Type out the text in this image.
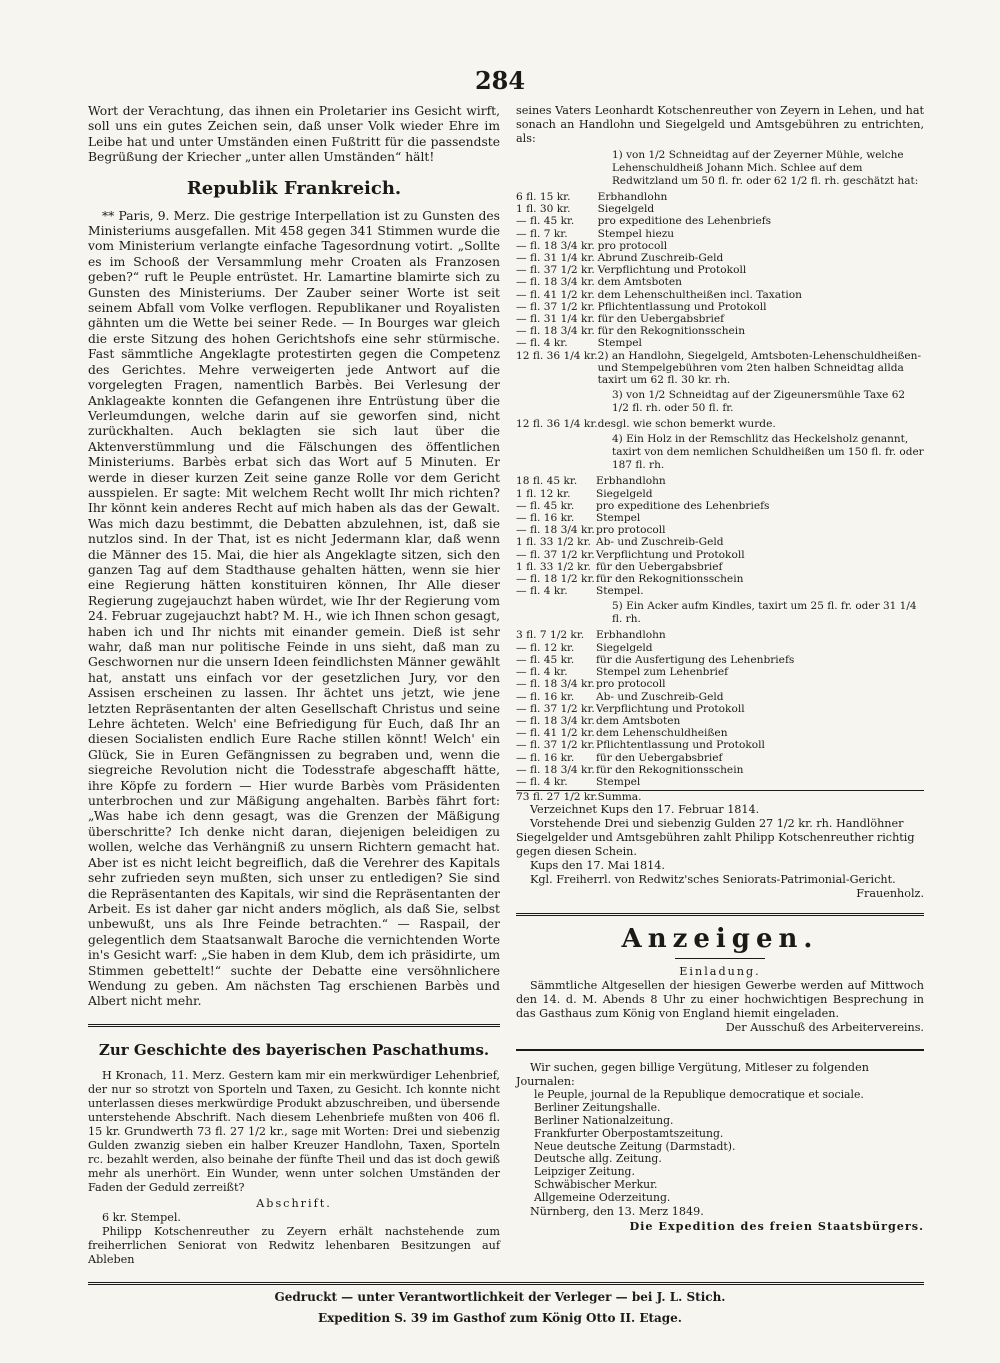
284

Wort der Verachtung, das ihnen ein Proletarier ins Gesicht wirft, soll uns ein gutes Zeichen sein, daß unser Volk wieder Ehre im Leibe hat und unter Umständen einen Fußtritt für die passendste Begrüßung der Kriecher „unter allen Umständen“ hält!

Republik Frankreich.

** Paris, 9. Merz. Die gestrige Interpellation ist zu Gunsten des Ministeriums ausgefallen. Mit 458 gegen 341 Stimmen wurde die vom Ministerium verlangte einfache Tagesordnung votirt. „Sollte es im Schooß der Versammlung mehr Croaten als Franzosen geben?“ ruft le Peuple entrüstet. Hr. Lamartine blamirte sich zu Gunsten des Ministeriums. Der Zauber seiner Worte ist seit seinem Abfall vom Volke verflogen. Republikaner und Royalisten gähnten um die Wette bei seiner Rede. — In Bourges war gleich die erste Sitzung des hohen Gerichtshofs eine sehr stürmische. Fast sämmtliche Angeklagte protestirten gegen die Competenz des Gerichtes. Mehre verweigerten jede Antwort auf die vorgelegten Fragen, namentlich Barbès. Bei Verlesung der Anklageakte konnten die Gefangenen ihre Entrüstung über die Verleumdungen, welche darin auf sie geworfen sind, nicht zurückhalten. Auch beklagten sie sich laut über die Aktenverstümmlung und die Fälschungen des öffentlichen Ministeriums. Barbès erbat sich das Wort auf 5 Minuten. Er werde in dieser kurzen Zeit seine ganze Rolle vor dem Gericht ausspielen. Er sagte: Mit welchem Recht wollt Ihr mich richten? Ihr könnt kein anderes Recht auf mich haben als das der Gewalt. Was mich dazu bestimmt, die Debatten abzulehnen, ist, daß sie nutzlos sind. In der That, ist es nicht Jedermann klar, daß wenn die Männer des 15. Mai, die hier als Angeklagte sitzen, sich den ganzen Tag auf dem Stadthause gehalten hätten, wenn sie hier eine Regierung hätten konstituiren können, Ihr Alle dieser Regierung zugejauchzt haben würdet, wie Ihr der Regierung vom 24. Februar zugejauchzt habt? M. H., wie ich Ihnen schon gesagt, haben ich und Ihr nichts mit einander gemein. Dieß ist sehr wahr, daß man nur politische Feinde in uns sieht, daß man zu Geschwornen nur die unsern Ideen feindlichsten Männer gewählt hat, anstatt uns einfach vor der gesetzlichen Jury, vor den Assisen erscheinen zu lassen. Ihr ächtet uns jetzt, wie jene letzten Repräsentanten der alten Gesellschaft Christus und seine Lehre ächteten. Welch' eine Befriedigung für Euch, daß Ihr an diesen Socialisten endlich Eure Rache stillen könnt! Welch' ein Glück, Sie in Euren Gefängnissen zu begraben und, wenn die siegreiche Revolution nicht die Todesstrafe abgeschafft hätte, ihre Köpfe zu fordern — Hier wurde Barbès vom Präsidenten unterbrochen und zur Mäßigung angehalten. Barbès fährt fort: „Was habe ich denn gesagt, was die Grenzen der Mäßigung überschritte? Ich denke nicht daran, diejenigen beleidigen zu wollen, welche das Verhängniß zu unsern Richtern gemacht hat. Aber ist es nicht leicht begreiflich, daß die Verehrer des Kapitals sehr zufrieden seyn mußten, sich unser zu entledigen? Sie sind die Repräsentanten des Kapitals, wir sind die Repräsentanten der Arbeit. Es ist daher gar nicht anders möglich, als daß Sie, selbst unbewußt, uns als Ihre Feinde betrachten.“ — Raspail, der gelegentlich dem Staatsanwalt Baroche die vernichtenden Worte in's Gesicht warf: „Sie haben in dem Klub, dem ich präsidirte, um Stimmen gebettelt!“ suchte der Debatte eine versöhnlichere Wendung zu geben. Am nächsten Tag erschienen Barbès und Albert nicht mehr.

Zur Geschichte des bayerischen Paschathums.

H Kronach, 11. Merz. Gestern kam mir ein merkwürdiger Lehenbrief, der nur so strotzt von Sporteln und Taxen, zu Gesicht. Ich konnte nicht unterlassen dieses merkwürdige Produkt abzuschreiben, und übersende unterstehende Abschrift. Nach diesem Lehenbriefe mußten von 406 fl. 15 kr. Grundwerth 73 fl. 27 1/2 kr., sage mit Worten: Drei und siebenzig Gulden zwanzig sieben ein halber Kreuzer Handlohn, Taxen, Sporteln rc. bezahlt werden, also beinahe der fünfte Theil und das ist doch gewiß mehr als unerhört. Ein Wunder, wenn unter solchen Umständen der Faden der Geduld zerreißt?

Abschrift.

6 kr. Stempel.

Philipp Kotschenreuther zu Zeyern erhält nachstehende zum freiherrlichen Seniorat von Redwitz lehenbaren Besitzungen auf Ableben

seines Vaters Leonhardt Kotschenreuther von Zeyern in Lehen, und hat sonach an Handlohn und Siegelgeld und Amtsgebühren zu entrichten, als:

1) von 1/2 Schneidtag auf der Zeyerner Mühle, welche Lehenschuldheiß Johann Mich. Schlee auf dem Redwitzland um 50 fl. fr. oder 62 1/2 fl. rh. geschätzt hat:

6 fl. 15 kr.	Erbhandlohn
1 fl. 30 kr.	Siegelgeld
— fl. 45 kr.	pro expeditione des Lehenbriefs
— fl. 7 kr.	Stempel hiezu
— fl. 18 3/4 kr.	pro protocoll
— fl. 31 1/4 kr.	Abrund Zuschreib-Geld
— fl. 37 1/2 kr.	Verpflichtung und Protokoll
— fl. 18 3/4 kr.	dem Amtsboten
— fl. 41 1/2 kr.	dem Lehenschultheißen incl. Taxation
— fl. 37 1/2 kr.	Pflichtentlassung und Protokoll
— fl. 31 1/4 kr.	für den Uebergabsbrief
— fl. 18 3/4 kr.	für den Rekognitionsschein
— fl. 4 kr.	Stempel
12 fl. 36 1/4 kr.	2) an Handlohn, Siegelgeld, Amtsboten-Lehenschuldheißen- und Stempelgebühren vom 2ten halben Schneidtag allda taxirt um 62 fl. 30 kr. rh.

3) von 1/2 Schneidtag auf der Zigeunersmühle Taxe 62 1/2 fl. rh. oder 50 fl. fr.

12 fl. 36 1/4 kr.	desgl. wie schon bemerkt wurde.

4) Ein Holz in der Remschlitz das Heckelsholz genannt, taxirt von dem nemlichen Schuldheißen um 150 fl. fr. oder 187 fl. rh.

18 fl. 45 kr.	Erbhandlohn
1 fl. 12 kr.	Siegelgeld
— fl. 45 kr.	pro expeditione des Lehenbriefs
— fl. 16 kr.	Stempel
— fl. 18 3/4 kr.	pro protocoll
1 fl. 33 1/2 kr.	Ab- und Zuschreib-Geld
— fl. 37 1/2 kr.	Verpflichtung und Protokoll
1 fl. 33 1/2 kr.	für den Uebergabsbrief
— fl. 18 1/2 kr.	für den Rekognitionsschein
— fl. 4 kr.	Stempel.

5) Ein Acker aufm Kindles, taxirt um 25 fl. fr. oder 31 1/4 fl. rh.

3 fl. 7 1/2 kr.	Erbhandlohn
— fl. 12 kr.	Siegelgeld
— fl. 45 kr.	für die Ausfertigung des Lehenbriefs
— fl. 4 kr.	Stempel zum Lehenbrief
— fl. 18 3/4 kr.	pro protocoll
— fl. 16 kr.	Ab- und Zuschreib-Geld
— fl. 37 1/2 kr.	Verpflichtung und Protokoll
— fl. 18 3/4 kr.	dem Amtsboten
— fl. 41 1/2 kr.	dem Lehenschuldheißen
— fl. 37 1/2 kr.	Pflichtentlassung und Protokoll
— fl. 16 kr.	für den Uebergabsbrief
— fl. 18 3/4 kr.	für den Rekognitionsschein
— fl. 4 kr.	Stempel
73 fl. 27 1/2 kr.	Summa.

Verzeichnet Kups den 17. Februar 1814.

Vorstehende Drei und siebenzig Gulden 27 1/2 kr. rh. Handlöhner Siegelgelder und Amtsgebühren zahlt Philipp Kotschenreuther richtig gegen diesen Schein.

Kups den 17. Mai 1814.

Kgl. Freiherrl. von Redwitz'sches Seniorats-Patrimonial-Gericht.

Frauenholz.

Anzeigen.

Einladung.

Sämmtliche Altgesellen der hiesigen Gewerbe werden auf Mittwoch den 14. d. M. Abends 8 Uhr zu einer hochwichtigen Besprechung in das Gasthaus zum König von England hiemit eingeladen.

Der Ausschuß des Arbeitervereins.

Wir suchen, gegen billige Vergütung, Mitleser zu folgenden Journalen:

le Peuple, journal de la Republique democratique et sociale.

Berliner Zeitungshalle.

Berliner Nationalzeitung.

Frankfurter Oberpostamtszeitung.

Neue deutsche Zeitung (Darmstadt).

Deutsche allg. Zeitung.

Leipziger Zeitung.

Schwäbischer Merkur.

Allgemeine Oderzeitung.

Nürnberg, den 13. Merz 1849.

Die Expedition des freien Staatsbürgers.

Gedruckt — unter Verantwortlichkeit der Verleger — bei J. L. Stich.
Expedition S. 39 im Gasthof zum König Otto II. Etage.
